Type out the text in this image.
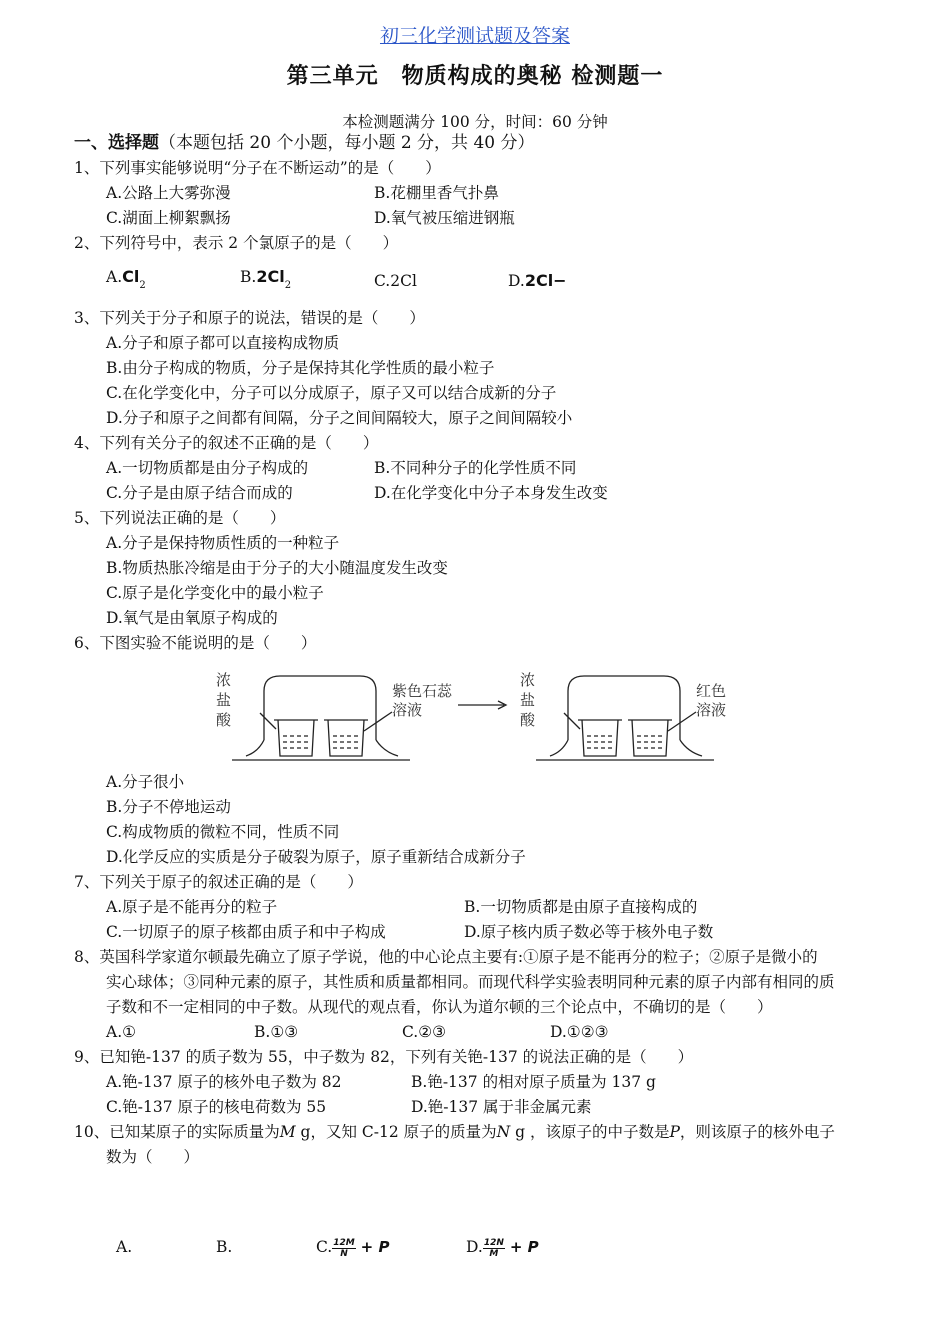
初三化学测试题及答案
第三单元　物质构成的奥秘 检测题一
本检测题满分 100 分，时间：60 分钟
一、选择题（本题包括 20 个小题，每小题 2 分，共 40 分）
1、下列事实能够说明“分子在不断运动”的是（　　）
A.公路上大雾弥漫	B.花棚里香气扑鼻
C.湖面上柳絮飘扬	D.氧气被压缩进钢瓶
2、下列符号中，表示 2 个氯原子的是（　　）
$A.Cl_2$	$B.2Cl_2$	C.2Cl	D.2Cl−
3、下列关于分子和原子的说法，错误的是（　　）
A.分子和原子都可以直接构成物质
B.由分子构成的物质，分子是保持其化学性质的最小粒子
C.在化学变化中，分子可以分成原子，原子又可以结合成新的分子
D.分子和原子之间都有间隔，分子之间间隔较大，原子之间间隔较小
4、下列有关分子的叙述不正确的是（　　）
A.一切物质都是由分子构成的	B.不同种分子的化学性质不同
C.分子是由原子结合而成的	D.在化学变化中分子本身发生改变
5、下列说法正确的是（　　）
A.分子是保持物质性质的一种粒子
B.物质热胀冷缩是由于分子的大小随温度发生改变
C.原子是化学变化中的最小粒子
D.氧气是由氧原子构成的
6、下图实验不能说明的是（　　）
浓盐酸
紫色石蕊溶液
浓盐酸
红色溶液
A.分子很小
B.分子不停地运动
C.构成物质的微粒不同，性质不同
D.化学反应的实质是分子破裂为原子，原子重新结合成新分子
7、下列关于原子的叙述正确的是（　　）
A.原子是不能再分的粒子	B.一切物质都是由原子直接构成的
C.一切原子的原子核都由质子和中子构成	D.原子核内质子数必等于核外电子数
8、英国科学家道尔顿最先确立了原子学说，他的中心论点主要有:①原子是不能再分的粒子；②原子是微小的
实心球体；③同种元素的原子，其性质和质量都相同。而现代科学实验表明同种元素的原子内部有相同的质
子数和不一定相同的中子数。从现代的观点看，你认为道尔顿的三个论点中，不确切的是（　　）
A.①	B.①③	C.②③	D.①②③
9、已知铯-137 的质子数为 55，中子数为 82，下列有关铯-137 的说法正确的是（　　）
A.铯-137 原子的核外电子数为 82	B.铯-137 的相对原子质量为 137 g
C.铯-137 原子的核电荷数为 55	D.铯-137 属于非金属元素
10、已知某原子的实际质量为M g，又知 C-12 原子的质量为N g ，该原子的中子数是P，则该原子的核外电子
数为（　　）
A.	B.	C. $\frac{12M}{N} + P$	D. $\frac{12N}{M} + P$
